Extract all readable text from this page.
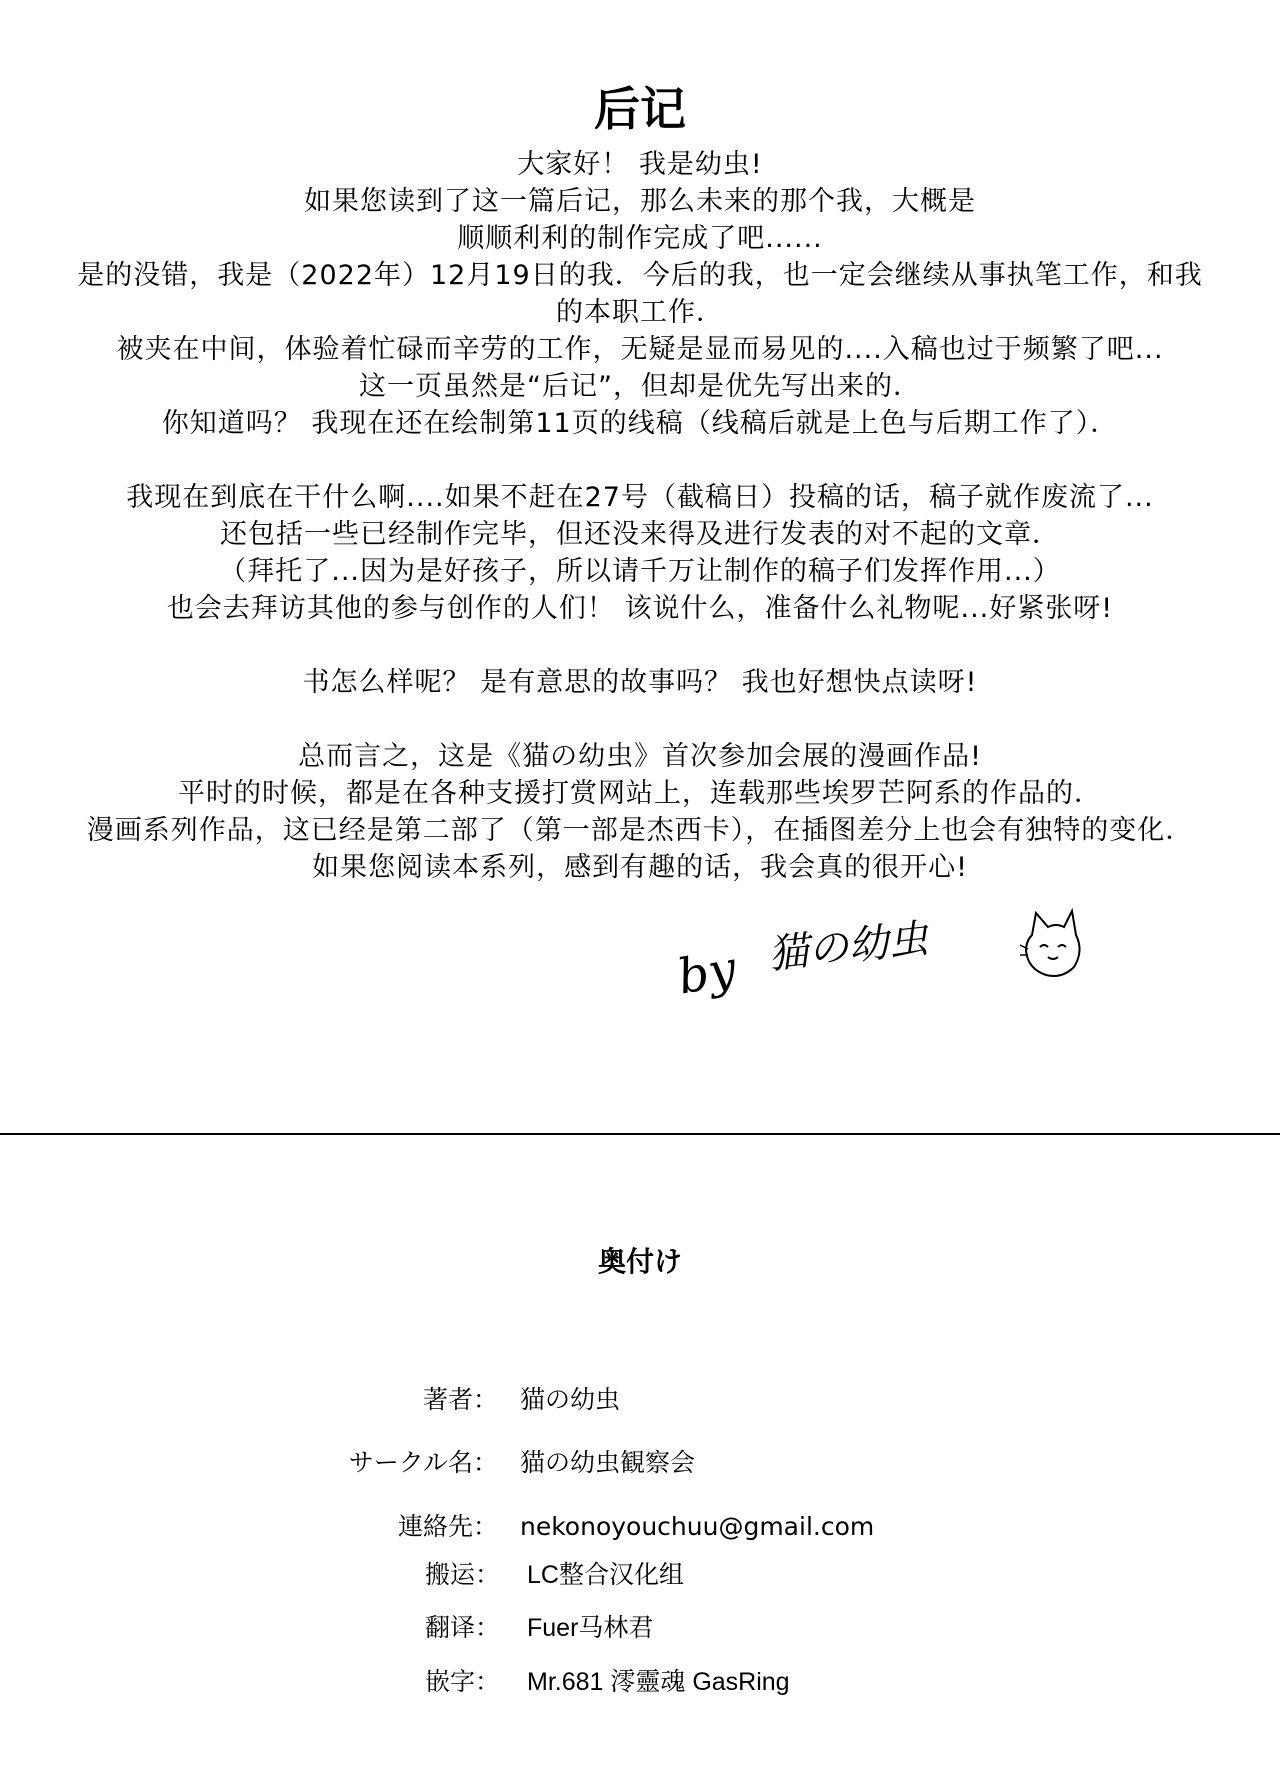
后记
大家好！ 我是幼虫!
如果您读到了这一篇后记，那么未来的那个我，大概是
顺顺利利的制作完成了吧......
是的没错，我是（2022年）12月19日的我．今后的我，也一定会继续从事执笔工作，和我
的本职工作．
被夹在中间，体验着忙碌而辛劳的工作，无疑是显而易见的....入稿也过于频繁了吧...
这一页虽然是“后记”，但却是优先写出来的．
你知道吗？ 我现在还在绘制第11页的线稿（线稿后就是上色与后期工作了）．
我现在到底在干什么啊....如果不赶在27号（截稿日）投稿的话，稿子就作废流了...
还包括一些已经制作完毕，但还没来得及进行发表的对不起的文章．
（拜托了...因为是好孩子，所以请千万让制作的稿子们发挥作用...）
也会去拜访其他的参与创作的人们！ 该说什么，准备什么礼物呢...好紧张呀!
书怎么样呢？ 是有意思的故事吗？ 我也好想快点读呀!
总而言之，这是《猫の幼虫》首次参加会展的漫画作品!
平时的时候，都是在各种支援打赏网站上，连载那些埃罗芒阿系的作品的．
漫画系列作品，这已经是第二部了（第一部是杰西卡），在插图差分上也会有独特的变化．
如果您阅读本系列，感到有趣的话，我会真的很开心!
by 猫の幼虫
奥付け
著者： 猫の幼虫
サークル名： 猫の幼虫観察会
連絡先： nekonoyouchuu@gmail.com
搬运： LC整合汉化组
翻译： Fuer马林君
嵌字： Mr.681 澪靈魂 GasRing
